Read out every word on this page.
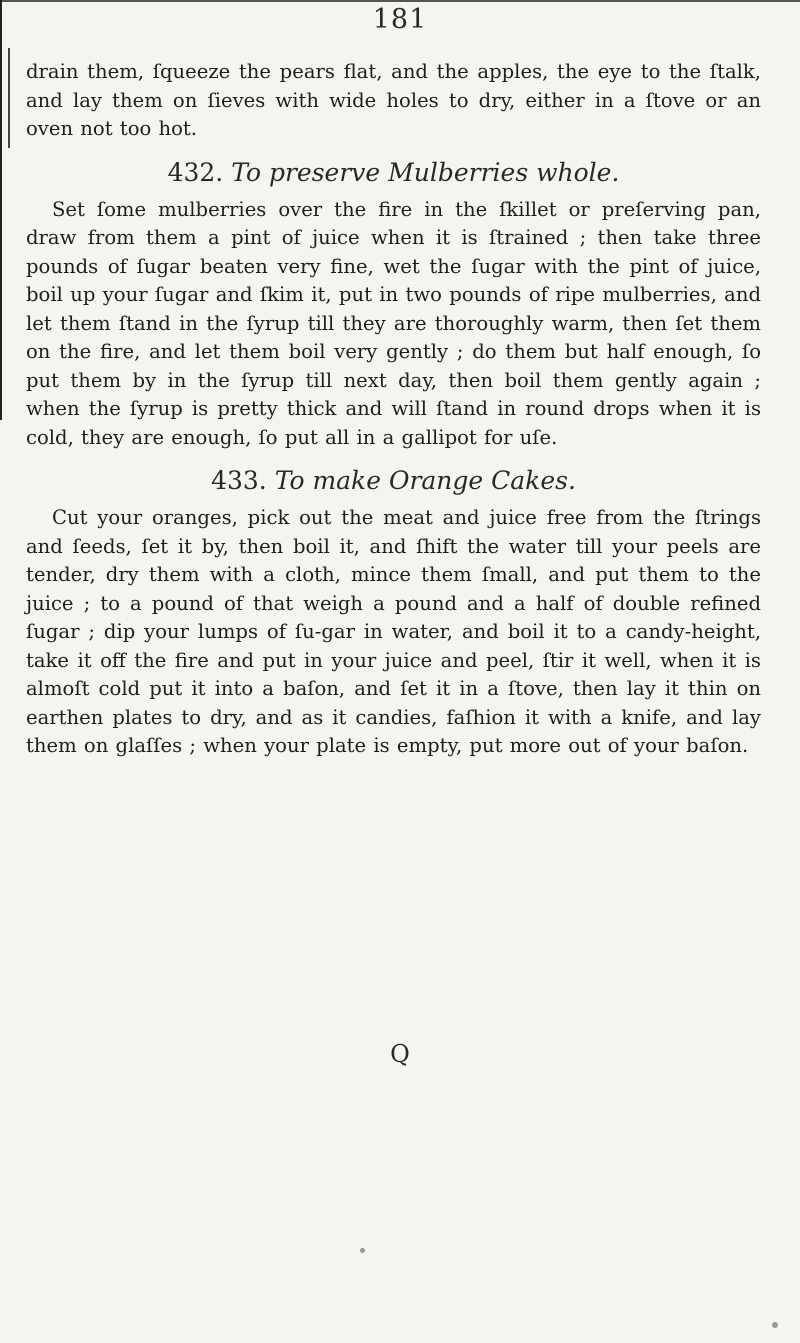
181

drain them, ſqueeze the pears flat, and the apples, the eye to the ſtalk, and lay them on ſieves with wide holes to dry, either in a ſtove or an oven not too hot.

432. To preserve Mulberries whole.

Set ſome mulberries over the fire in the ſkillet or preſerving pan, draw from them a pint of juice when it is ſtrained ; then take three pounds of ſugar beaten very fine, wet the ſugar with the pint of juice, boil up your ſugar and ſkim it, put in two pounds of ripe mulberries, and let them ſtand in the ſyrup till they are thoroughly warm, then ſet them on the fire, and let them boil very gently ; do them but half enough, ſo put them by in the ſyrup till next day, then boil them gently again ; when the ſyrup is pretty thick and will ſtand in round drops when it is cold, they are enough, ſo put all in a gallipot for uſe.

433. To make Orange Cakes.

Cut your oranges, pick out the meat and juice free from the ſtrings and ſeeds, ſet it by, then boil it, and ſhift the water till your peels are tender, dry them with a cloth, mince them ſmall, and put them to the juice ; to a pound of that weigh a pound and a half of double refined ſugar ; dip your lumps of ſu-gar in water, and boil it to a candy-height, take it off the fire and put in your juice and peel, ſtir it well, when it is almoſt cold put it into a baſon, and ſet it in a ſtove, then lay it thin on earthen plates to dry, and as it candies, faſhion it with a knife, and lay them on glaſſes ; when your plate is empty, put more out of your baſon.

Q
